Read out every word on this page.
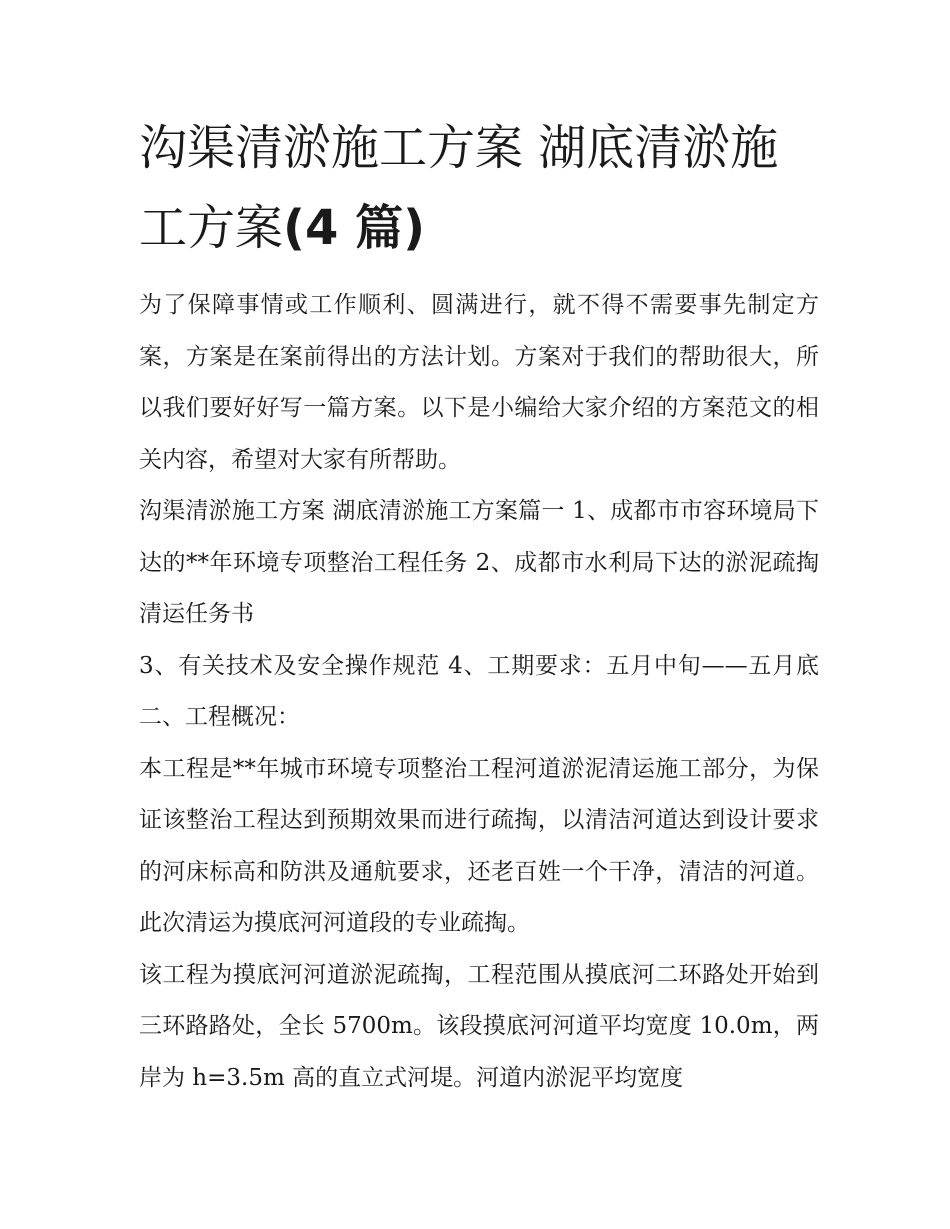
沟渠清淤施工方案 湖底清淤施工方案(4 篇)

为了保障事情或工作顺利、圆满进行，就不得不需要事先制定方案，方案是在案前得出的方法计划。方案对于我们的帮助很大，所以我们要好好写一篇方案。以下是小编给大家介绍的方案范文的相关内容，希望对大家有所帮助。

沟渠清淤施工方案 湖底清淤施工方案篇一 1、成都市市容环境局下达的**年环境专项整治工程任务 2、成都市水利局下达的淤泥疏掏清运任务书

3、有关技术及安全操作规范 4、工期要求：五月中旬——五月底 二、工程概况：

本工程是**年城市环境专项整治工程河道淤泥清运施工部分，为保证该整治工程达到预期效果而进行疏掏，以清洁河道达到设计要求的河床标高和防洪及通航要求，还老百姓一个干净，清洁的河道。此次清运为摸底河河道段的专业疏掏。

该工程为摸底河河道淤泥疏掏，工程范围从摸底河二环路处开始到三环路路处，全长 5700m。该段摸底河河道平均宽度 10.0m，两岸为 h=3.5m 高的直立式河堤。河道内淤泥平均宽度
